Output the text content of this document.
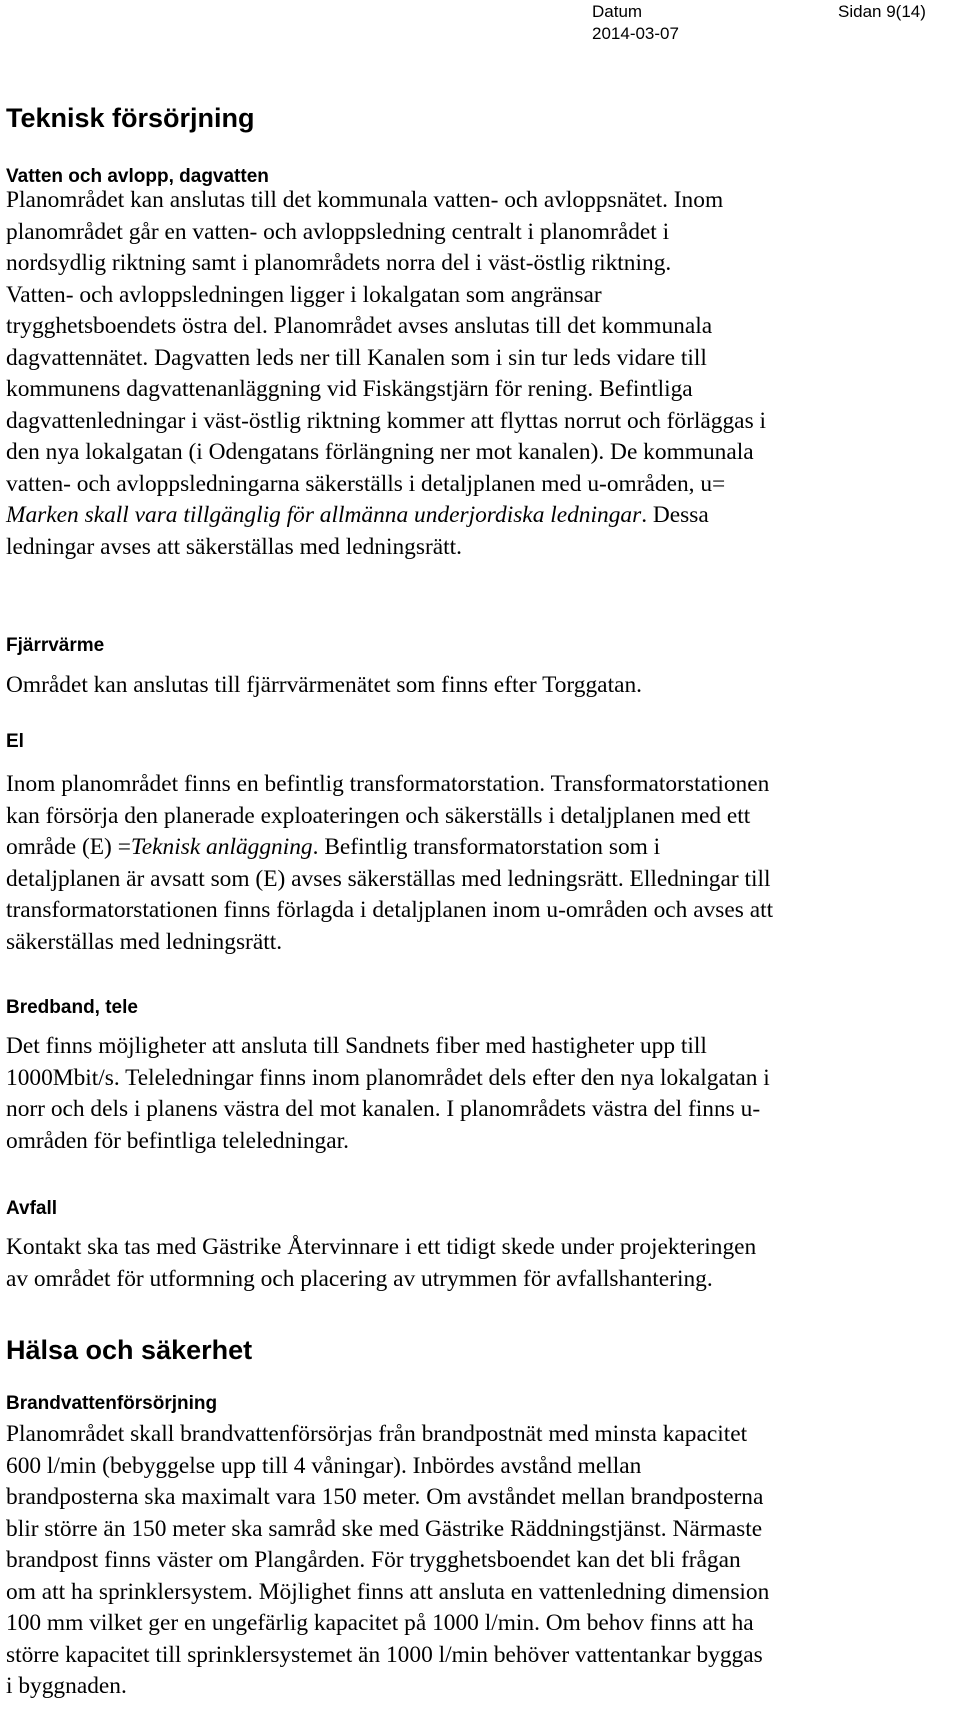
Datum	Sidan 9(14)
2014-03-07
Teknisk försörjning
Vatten och avlopp, dagvatten
Planområdet kan anslutas till det kommunala vatten- och avloppsnätet. Inom
planområdet går en vatten- och avloppsledning centralt i planområdet i
nordsydlig riktning samt i planområdets norra del i väst-östlig riktning.
Vatten- och avloppsledningen ligger i lokalgatan som angränsar
trygghetsboendets östra del. Planområdet avses anslutas till det kommunala
dagvattennätet. Dagvatten leds ner till Kanalen som i sin tur leds vidare till
kommunens dagvattenanläggning vid Fiskängstjärn för rening. Befintliga
dagvattenledningar i väst-östlig riktning kommer att flyttas norrut och förläggas i
den nya lokalgatan (i Odengatans förlängning ner mot kanalen). De kommunala
vatten- och avloppsledningarna säkerställs i detaljplanen med u-områden, u=
Marken skall vara tillgänglig för allmänna underjordiska ledningar. Dessa
ledningar avses att säkerställas med ledningsrätt.
Fjärrvärme
Området kan anslutas till fjärrvärmenätet som finns efter Torggatan.
El
Inom planområdet finns en befintlig transformatorstation. Transformatorstationen
kan försörja den planerade exploateringen och säkerställs i detaljplanen med ett
område (E) =Teknisk anläggning. Befintlig transformatorstation som i
detaljplanen är avsatt som (E) avses säkerställas med ledningsrätt. Elledningar till
transformatorstationen finns förlagda i detaljplanen inom u-områden och avses att
säkerställas med ledningsrätt.
Bredband, tele
Det finns möjligheter att ansluta till Sandnets fiber med hastigheter upp till
1000Mbit/s. Teleledningar finns inom planområdet dels efter den nya lokalgatan i
norr och dels i planens västra del mot kanalen. I planområdets västra del finns u-
områden för befintliga teleledningar.
Avfall
Kontakt ska tas med Gästrike Återvinnare i ett tidigt skede under projekteringen
av området för utformning och placering av utrymmen för avfallshantering.
Hälsa och säkerhet
Brandvattenförsörjning
Planområdet skall brandvattenförsörjas från brandpostnät med minsta kapacitet
600 l/min (bebyggelse upp till 4 våningar). Inbördes avstånd mellan
brandposterna ska maximalt vara 150 meter. Om avståndet mellan brandposterna
blir större än 150 meter ska samråd ske med Gästrike Räddningstjänst. Närmaste
brandpost finns väster om Plangården. För trygghetsboendet kan det bli frågan
om att ha sprinklersystem. Möjlighet finns att ansluta en vattenledning dimension
100 mm vilket ger en ungefärlig kapacitet på 1000 l/min. Om behov finns att ha
större kapacitet till sprinklersystemet än 1000 l/min behöver vattentankar byggas
i byggnaden.
